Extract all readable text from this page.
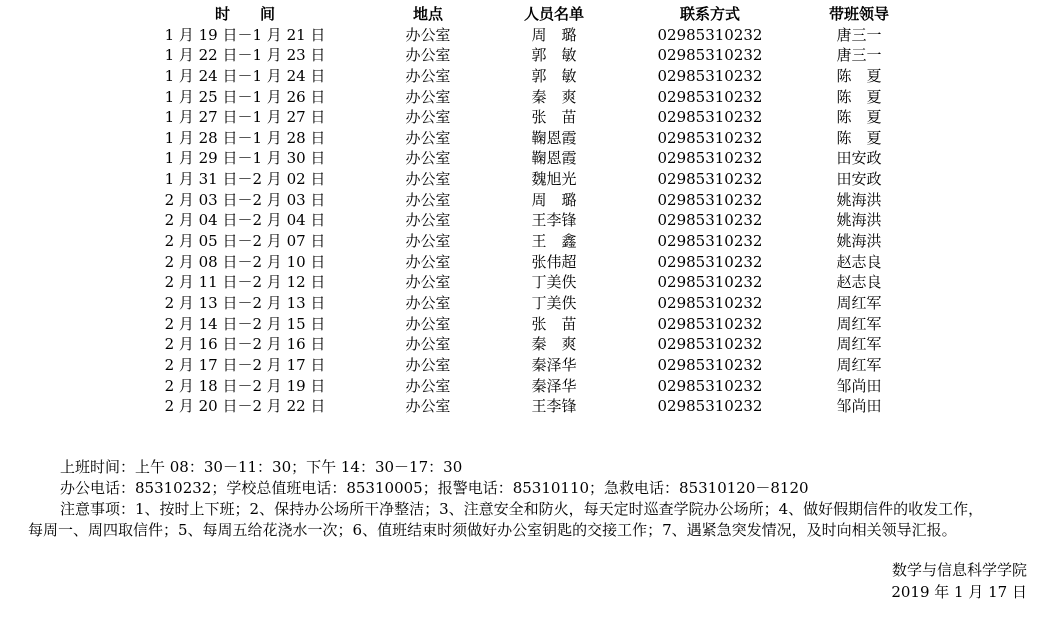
时　　间	地点	人员名单	联系方式	带班领导
1 月 19 日－1 月 21 日	办公室	周　璐	02985310232	唐三一
1 月 22 日－1 月 23 日	办公室	郭　敏	02985310232	唐三一
1 月 24 日－1 月 24 日	办公室	郭　敏	02985310232	陈　夏
1 月 25 日－1 月 26 日	办公室	秦　爽	02985310232	陈　夏
1 月 27 日－1 月 27 日	办公室	张　苗	02985310232	陈　夏
1 月 28 日－1 月 28 日	办公室	鞠恩霞	02985310232	陈　夏
1 月 29 日－1 月 30 日	办公室	鞠恩霞	02985310232	田安政
1 月 31 日－2 月 02 日	办公室	魏旭光	02985310232	田安政
2 月 03 日－2 月 03 日	办公室	周　璐	02985310232	姚海洪
2 月 04 日－2 月 04 日	办公室	王李锋	02985310232	姚海洪
2 月 05 日－2 月 07 日	办公室	王　鑫	02985310232	姚海洪
2 月 08 日－2 月 10 日	办公室	张伟超	02985310232	赵志良
2 月 11 日－2 月 12 日	办公室	丁美佚	02985310232	赵志良
2 月 13 日－2 月 13 日	办公室	丁美佚	02985310232	周红军
2 月 14 日－2 月 15 日	办公室	张　苗	02985310232	周红军
2 月 16 日－2 月 16 日	办公室	秦　爽	02985310232	周红军
2 月 17 日－2 月 17 日	办公室	秦泽华	02985310232	周红军
2 月 18 日－2 月 19 日	办公室	秦泽华	02985310232	邹尚田
2 月 20 日－2 月 22 日	办公室	王李锋	02985310232	邹尚田
上班时间：上午 08：30－11：30；下午 14：30－17：30
办公电话：85310232；学校总值班电话：85310005；报警电话：85310110；急救电话：85310120－8120
注意事项：1、按时上下班；2、保持办公场所干净整洁；3、注意安全和防火，每天定时巡查学院办公场所；4、做好假期信件的收发工作，
每周一、周四取信件；5、每周五给花浇水一次；6、值班结束时须做好办公室钥匙的交接工作；7、遇紧急突发情况，及时向相关领导汇报。
数学与信息科学学院
2019 年 1 月 17 日
